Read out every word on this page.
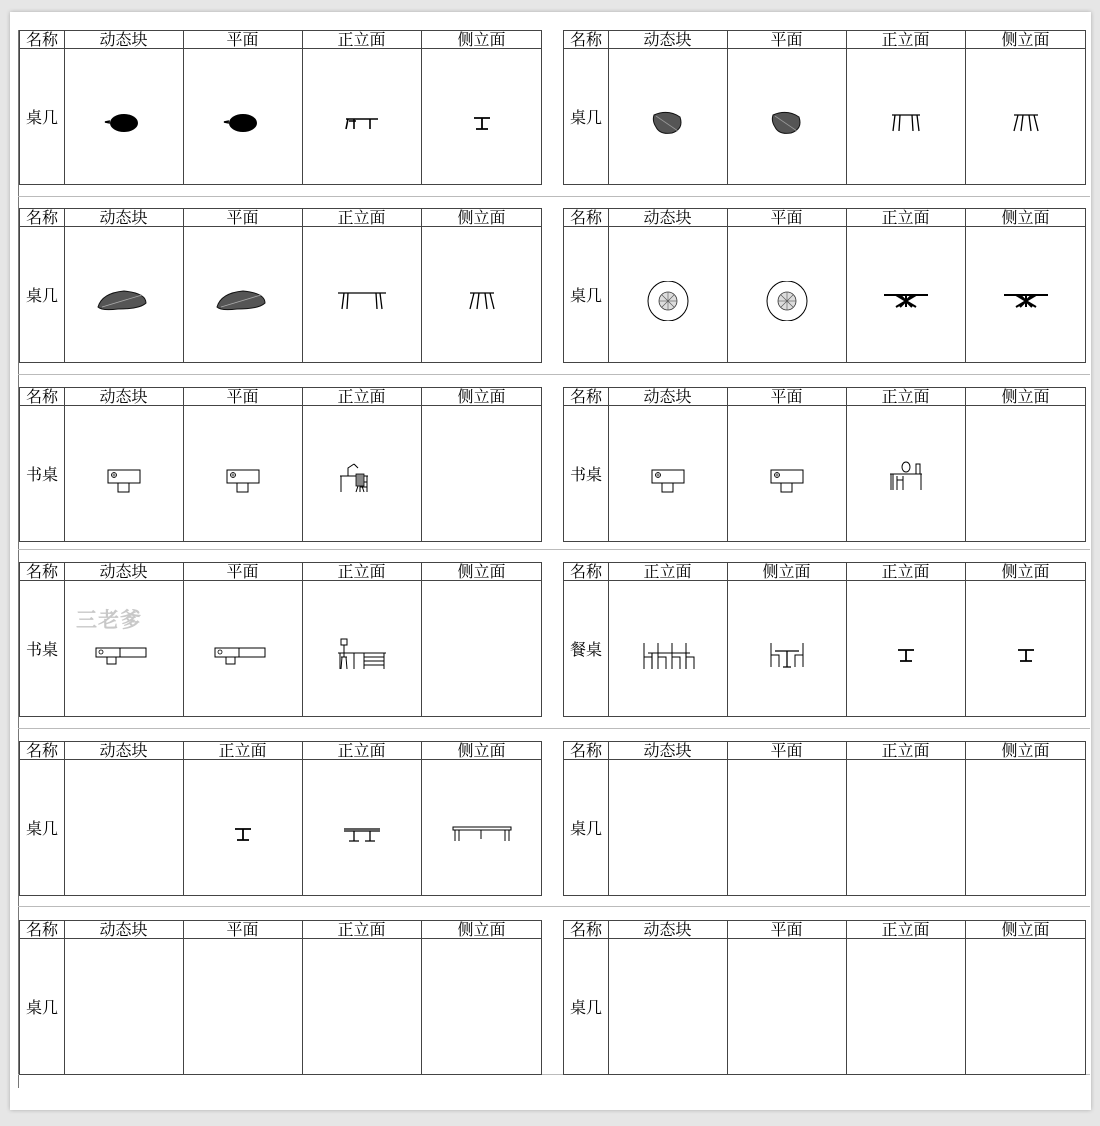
名称	动态块	平面	正立面	侧立面
桌几
名称	动态块	平面	正立面	侧立面
桌几
名称	动态块	平面	正立面	侧立面
桌几
名称	动态块	平面	正立面	侧立面
桌几
名称	动态块	平面	正立面	侧立面
书桌
名称	动态块	平面	正立面	侧立面
书桌
名称	动态块	平面	正立面	侧立面
书桌
名称	正立面	侧立面	正立面	侧立面
餐桌
名称	动态块	正立面	正立面	侧立面
桌几
名称	动态块	平面	正立面	侧立面
桌几
名称	动态块	平面	正立面	侧立面
桌几
名称	动态块	平面	正立面	侧立面
桌几
三老爹
